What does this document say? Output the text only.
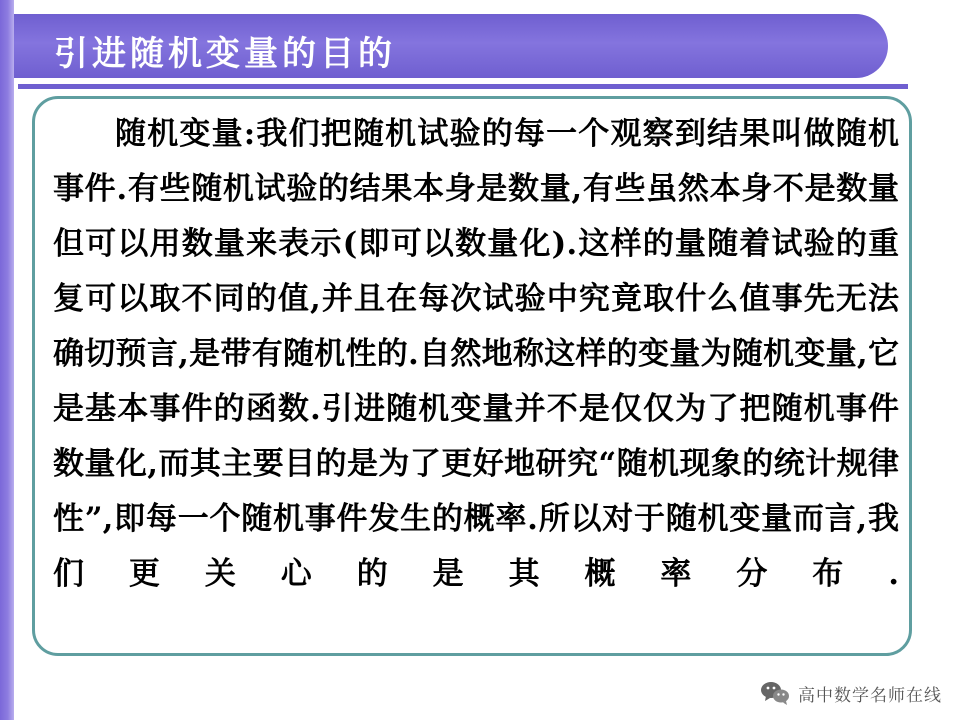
引进随机变量的目的
随机变量:我们把随机试验的每一个观察到结果叫做随机事件.有些随机试验的结果本身是数量,有些虽然本身不是数量但可以用数量来表示(即可以数量化).这样的量随着试验的重复可以取不同的值,并且在每次试验中究竟取什么值事先无法确切预言,是带有随机性的.自然地称这样的变量为随机变量,它是基本事件的函数.引进随机变量并不是仅仅为了把随机事件数量化,而其主要目的是为了更好地研究“随机现象的统计规律性”,即每一个随机事件发生的概率.所以对于随机变量而言,我们更关心的是其概率分布.
高中数学名师在线
